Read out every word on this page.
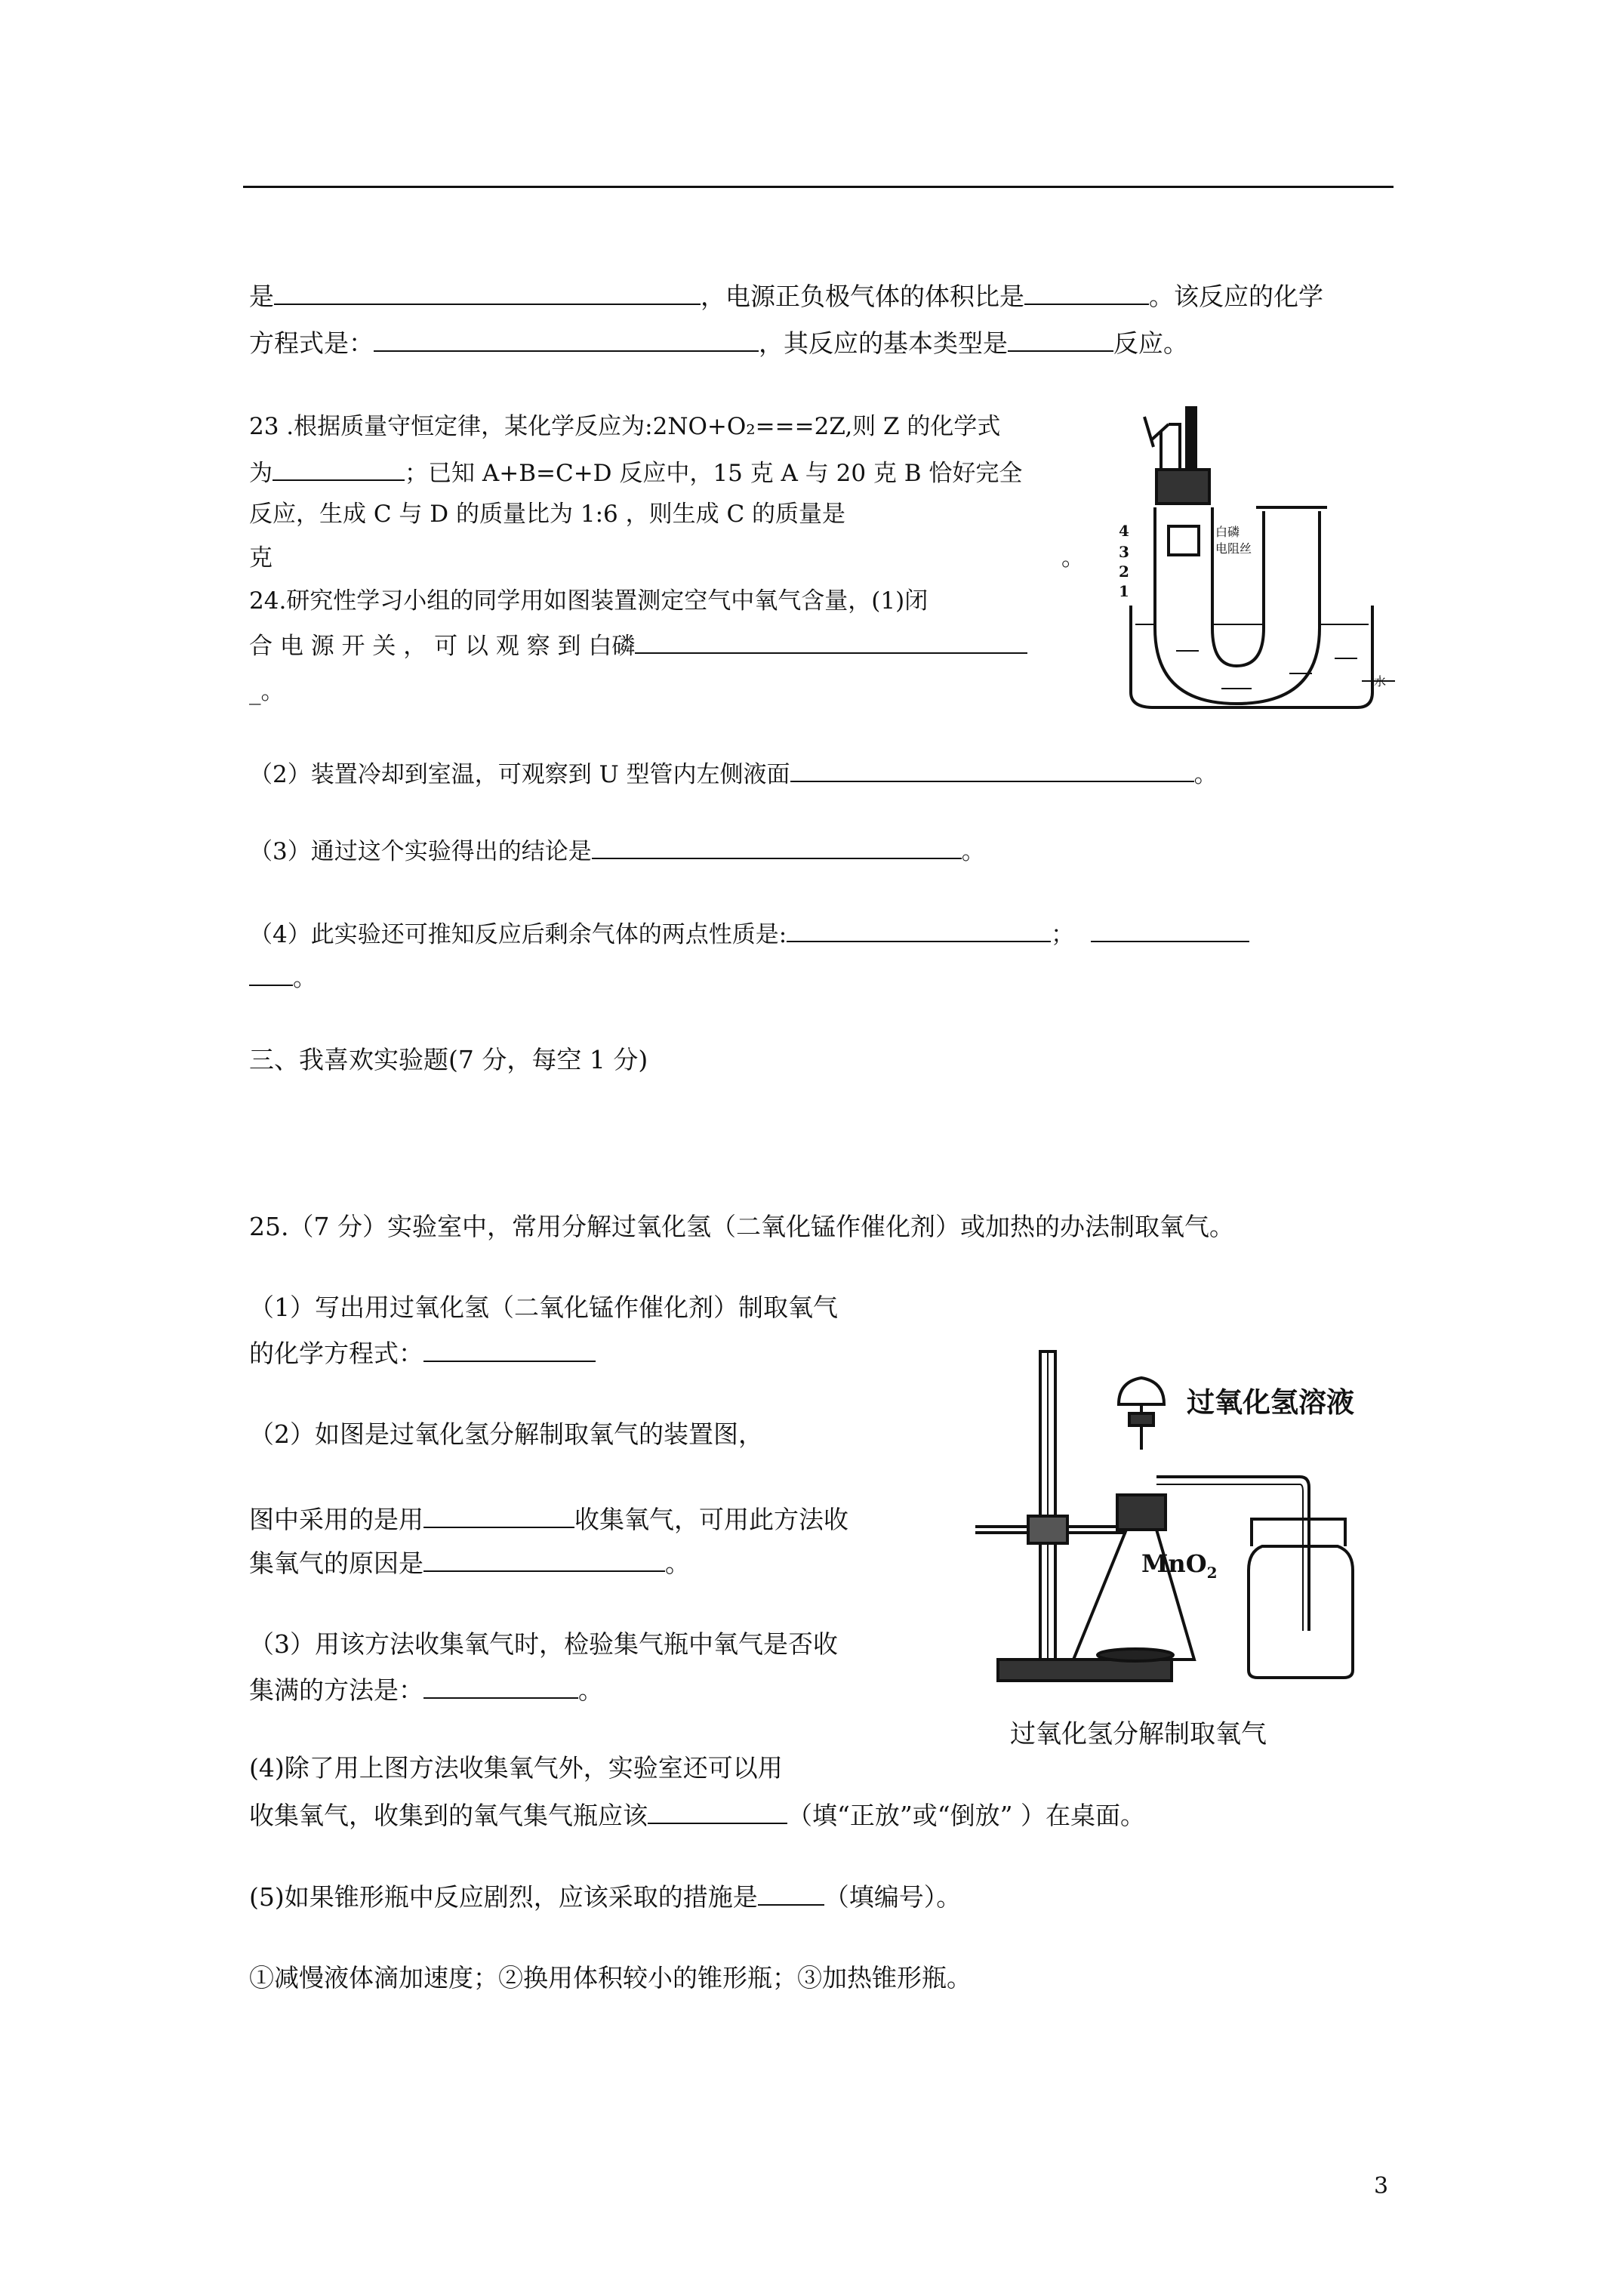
是	，电源正负极气体的体积比是	。该反应的化学
方程式是：	，其反应的基本类型是	反应。
23 .根据质量守恒定律，某化学反应为:2NO+O₂===2Z,则 Z 的化学式
为	；已知 A+B=C+D 反应中，15 克 A 与 20 克 B 恰好完全
反应，生成 C 与 D 的质量比为 1:6 ，则生成 C 的质量是
克	。
24.研究性学习小组的同学用如图装置测定空气中氧气含量，(1)闭
合 电 源 开 关 ， 可 以 观 察 到 白磷
_。
（2）装置冷却到室温，可观察到 U 型管内左侧液面	。
（3）通过这个实验得出的结论是	。
（4）此实验还可推知反应后剩余气体的两点性质是:	；
。
4
3
2
1
白磷
电阻丝
水
三、我喜欢实验题(7 分，每空 1 分)
25.（7 分）实验室中，常用分解过氧化氢（二氧化锰作催化剂）或加热的办法制取氧气。
（1）写出用过氧化氢（二氧化锰作催化剂）制取氧气
的化学方程式：
（2）如图是过氧化氢分解制取氧气的装置图，
图中采用的是用	收集氧气，可用此方法收
集氧气的原因是	。
（3）用该方法收集氧气时，检验集气瓶中氧气是否收
集满的方法是：	。
(4)除了用上图方法收集氧气外，实验室还可以用
收集氧气，收集到的氧气集气瓶应该	（填“正放”或“倒放” ）在桌面。
(5)如果锥形瓶中反应剧烈，应该采取的措施是	（填编号）。
①减慢液体滴加速度；②换用体积较小的锥形瓶；③加热锥形瓶。
过氧化氢溶液
MnO$_2$
过氧化氢分解制取氧气
3
